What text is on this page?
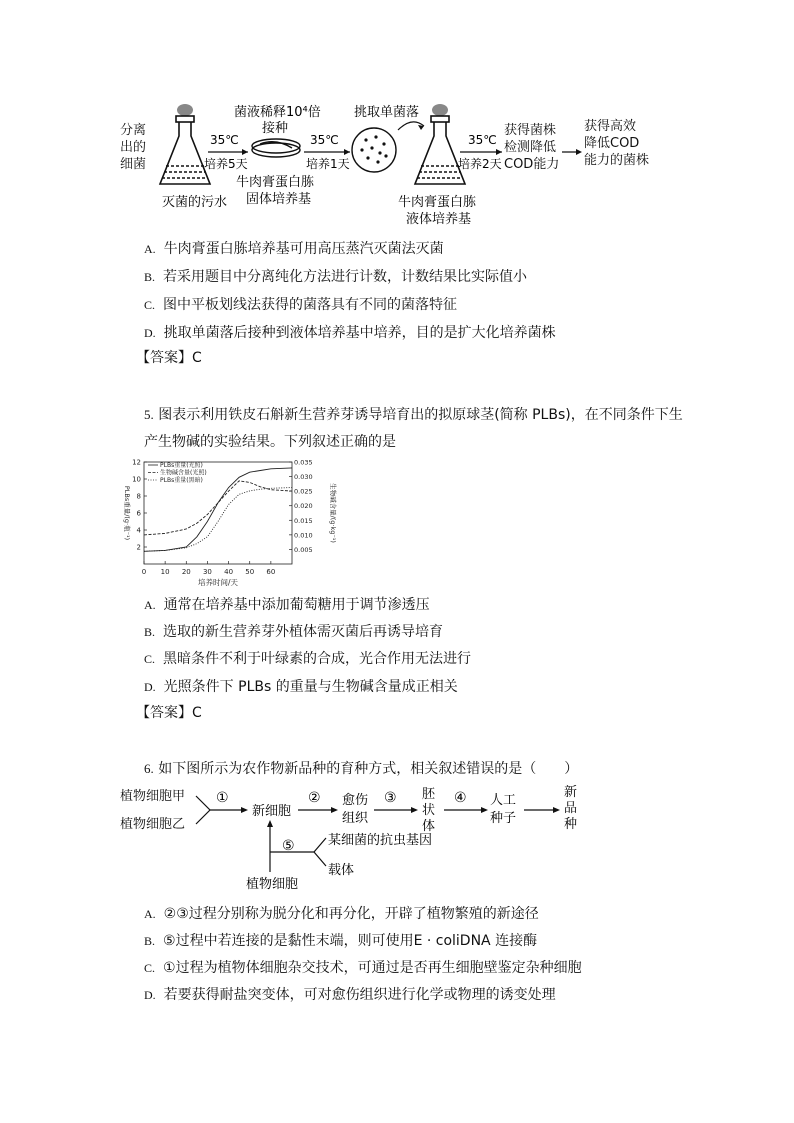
分离
出的
细菌
灭菌的污水
35℃
培养5天
菌液稀释10⁴倍
接种
牛肉膏蛋白胨
固体培养基
35℃
培养1天
挑取单菌落
牛肉膏蛋白胨
液体培养基
35℃
培养2天
获得菌株
检测降低
COD能力
获得高效
降低COD
能力的菌株
A. 牛肉膏蛋白胨培养基可用高压蒸汽灭菌法灭菌
B. 若采用题目中分离纯化方法进行计数，计数结果比实际值小
C. 图中平板划线法获得的菌落具有不同的菌落特征
D. 挑取单菌落后接种到液体培养基中培养，目的是扩大化培养菌株
【答案】C
5. 图表示利用铁皮石斛新生营养芽诱导培育出的拟原球茎(简称 PLBs)，在不同条件下生
产生物碱的实验结果。下列叙述正确的是
0 10 20 30 40 50 60
2
4
6
8
10
12
0.005
0.010
0.015
0.020
0.025
0.030
0.035
培养时间/天
PLBs重量/(g·瓶⁻¹)	生物碱含量/(g·kg⁻¹)
PLBs重量(光照)
生物碱含量(光照)
PLBs重量(黑暗)
A. 通常在培养基中添加葡萄糖用于调节渗透压
B. 选取的新生营养芽外植体需灭菌后再诱导培育
C. 黑暗条件不利于叶绿素的合成，光合作用无法进行
D. 光照条件下 PLBs 的重量与生物碱含量成正相关
【答案】C
6. 如下图所示为农作物新品种的育种方式，相关叙述错误的是（　　）
植物细胞甲
植物细胞乙
①
新细胞
② 愈伤
组织
③ 胚
状
体
④ 人工
种子
新
品
种
⑤	某细菌的抗虫基因
载体
植物细胞
A. ②③过程分别称为脱分化和再分化，开辟了植物繁殖的新途径
B. ⑤过程中若连接的是黏性末端，则可使用E · coliDNA 连接酶
C. ①过程为植物体细胞杂交技术，可通过是否再生细胞壁鉴定杂种细胞
D. 若要获得耐盐突变体，可对愈伤组织进行化学或物理的诱变处理
